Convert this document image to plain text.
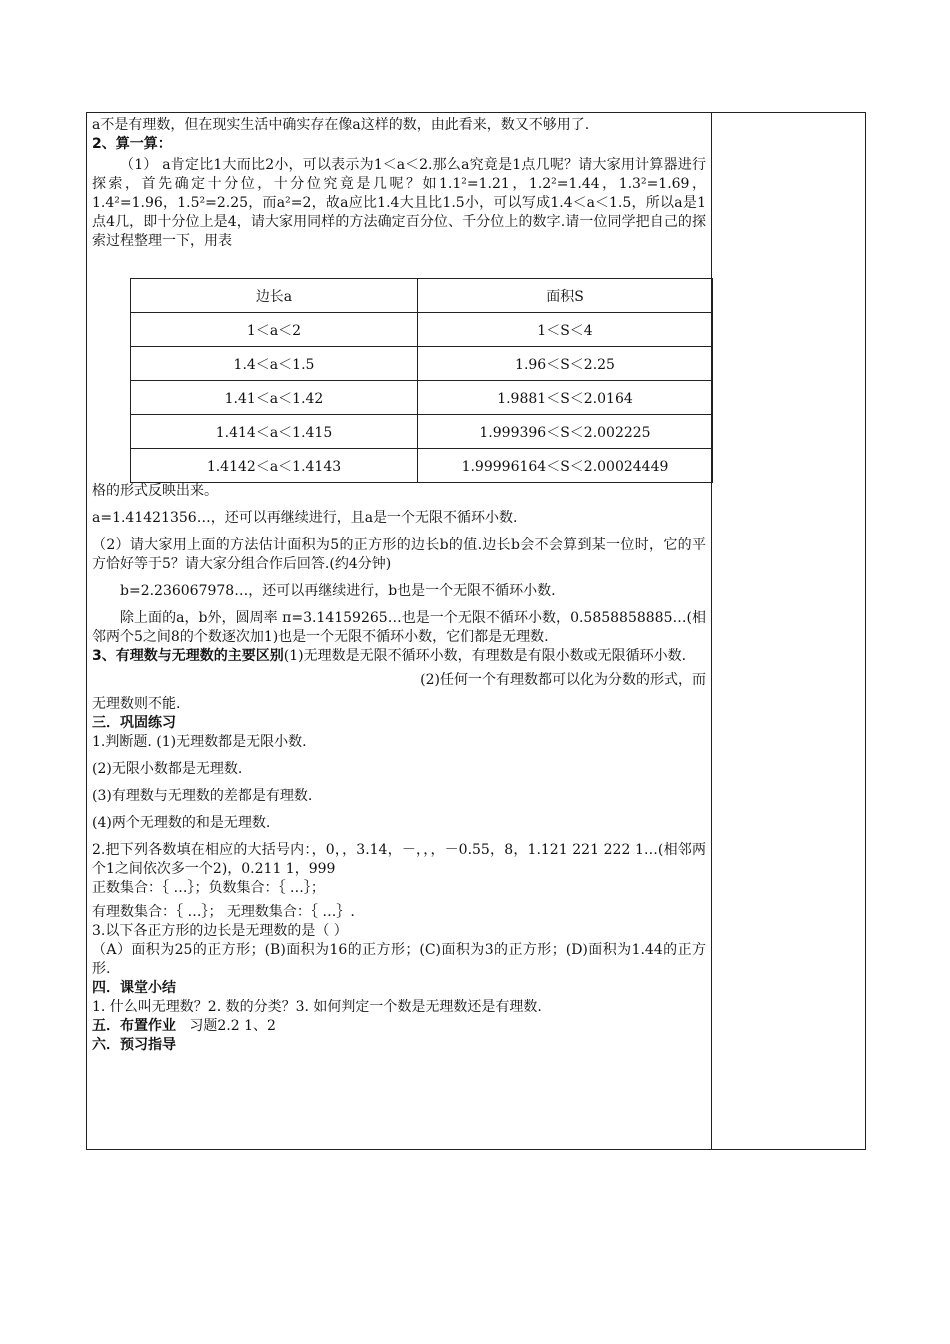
a不是有理数，但在现实生活中确实存在像a这样的数，由此看来，数又不够用了.

2、算一算：

（1） a肯定比1大而比2小，可以表示为1＜a＜2.那么a究竟是1点几呢？请大家用计算器进行探索，首先确定十分位，十分位究竟是几呢？如1.1²=1.21，1.2²=1.44，1.3²=1.69，1.4²=1.96，1.5²=2.25，而a²=2，故a应比1.4大且比1.5小，可以写成1.4＜a＜1.5，所以a是1点4几，即十分位上是4，请大家用同样的方法确定百分位、千分位上的数字.请一位同学把自己的探索过程整理一下，用表

边长a	面积S
1＜a＜2	1＜S＜4
1.4＜a＜1.5	1.96＜S＜2.25
1.41＜a＜1.42	1.9881＜S＜2.0164
1.414＜a＜1.415	1.999396＜S＜2.002225
1.4142＜a＜1.4143	1.99996164＜S＜2.00024449

格的形式反映出来。

a=1.41421356…，还可以再继续进行，且a是一个无限不循环小数.

（2）请大家用上面的方法估计面积为5的正方形的边长b的值.边长b会不会算到某一位时，它的平方恰好等于5？请大家分组合作后回答.(约4分钟)

b=2.236067978…，还可以再继续进行，b也是一个无限不循环小数.

除上面的a，b外，圆周率 π=3.14159265…也是一个无限不循环小数，0.5858858885…(相邻两个5之间8的个数逐次加1)也是一个无限不循环小数，它们都是无理数.

3、有理数与无理数的主要区别(1)无理数是无限不循环小数，有理数是有限小数或无限循环小数.

(2)任何一个有理数都可以化为分数的形式，而

无理数则不能.

三．巩固练习

1.判断题. (1)无理数都是无限小数.

(2)无限小数都是无理数.

(3)有理数与无理数的差都是有理数.

(4)两个无理数的和是无理数.

2.把下列各数填在相应的大括号内：，0，，3.14，－，，，－0.55，8，1.121 221 222 1…(相邻两个1之间依次多一个2)，0.211 1，999

正数集合：｛ …｝；负数集合：｛ …｝；

有理数集合：｛ …｝； 无理数集合：｛ …｝.

3.以下各正方形的边长是无理数的是（ ）

（A）面积为25的正方形；(B)面积为16的正方形；(C)面积为3的正方形；(D)面积为1.44的正方形.

四．课堂小结

1. 什么叫无理数？2. 数的分类？3. 如何判定一个数是无理数还是有理数.

五．布置作业 习题2.2 1、2

六．预习指导
